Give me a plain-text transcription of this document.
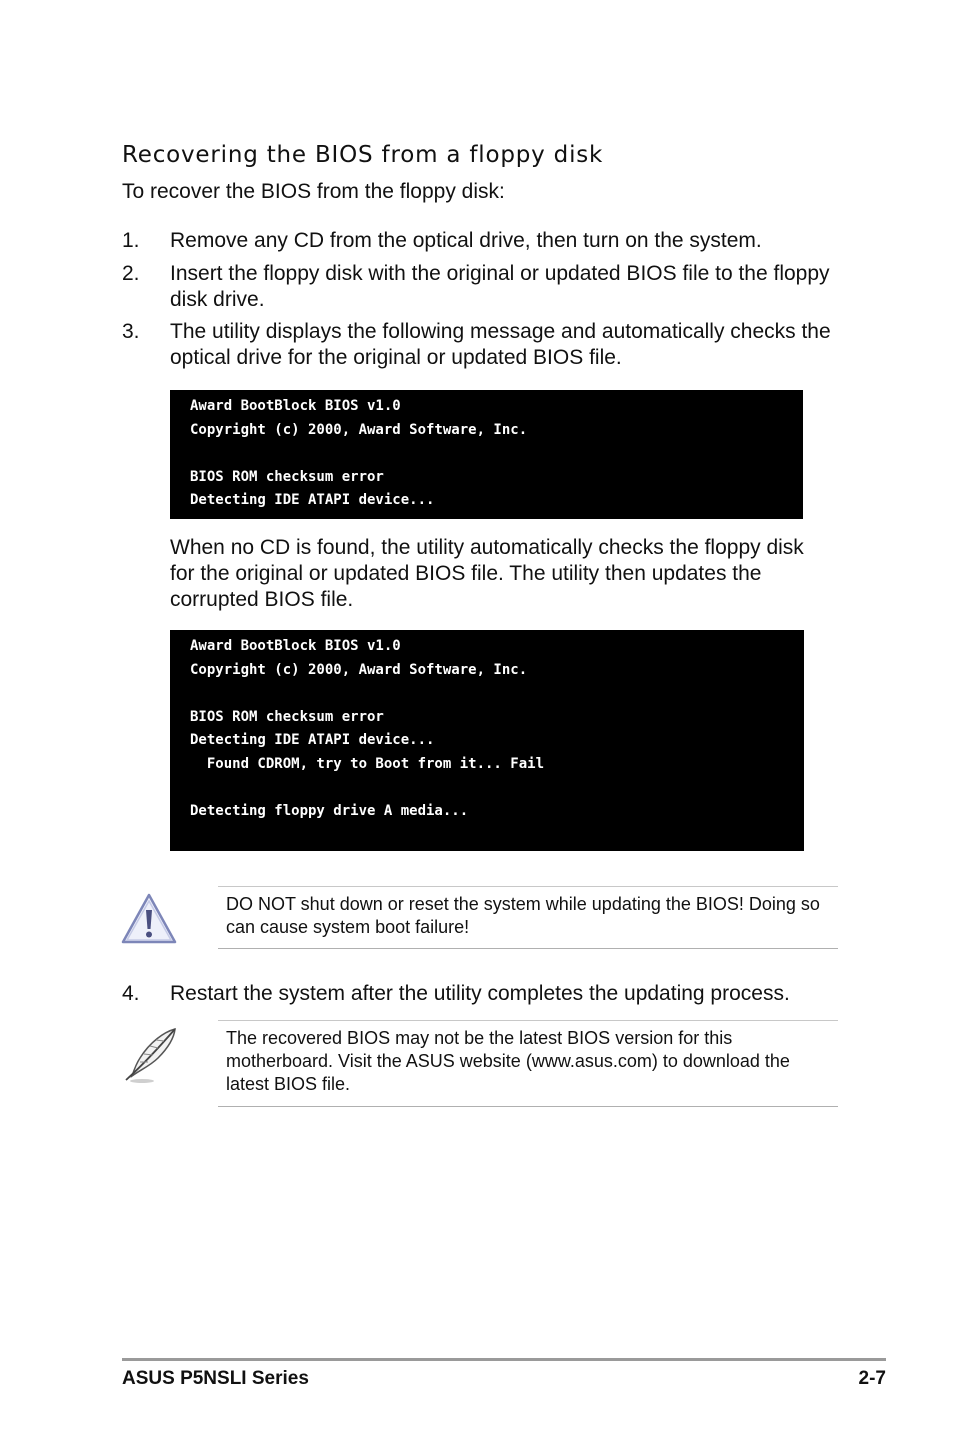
Recovering the BIOS from a floppy disk
To recover the BIOS from the floppy disk:
1. Remove any CD from the optical drive, then turn on the system.
2. Insert the floppy disk with the original or updated BIOS file to the floppy disk drive.
3. The utility displays the following message and automatically checks the optical drive for the original or updated BIOS file.
Award BootBlock BIOS v1.0
Copyright (c) 2000, Award Software, Inc.
BIOS ROM checksum error
Detecting IDE ATAPI device...
When no CD is found, the utility automatically checks the floppy disk for the original or updated BIOS file. The utility then updates the corrupted BIOS file.
Award BootBlock BIOS v1.0
Copyright (c) 2000, Award Software, Inc.
BIOS ROM checksum error
Detecting IDE ATAPI device...
Found CDROM, try to Boot from it... Fail
Detecting floppy drive A media...
DO NOT shut down or reset the system while updating the BIOS! Doing so can cause system boot failure!
4. Restart the system after the utility completes the updating process.
The recovered BIOS may not be the latest BIOS version for this motherboard. Visit the ASUS website (www.asus.com) to download the latest BIOS file.
ASUS P5NSLI Series	2-7
